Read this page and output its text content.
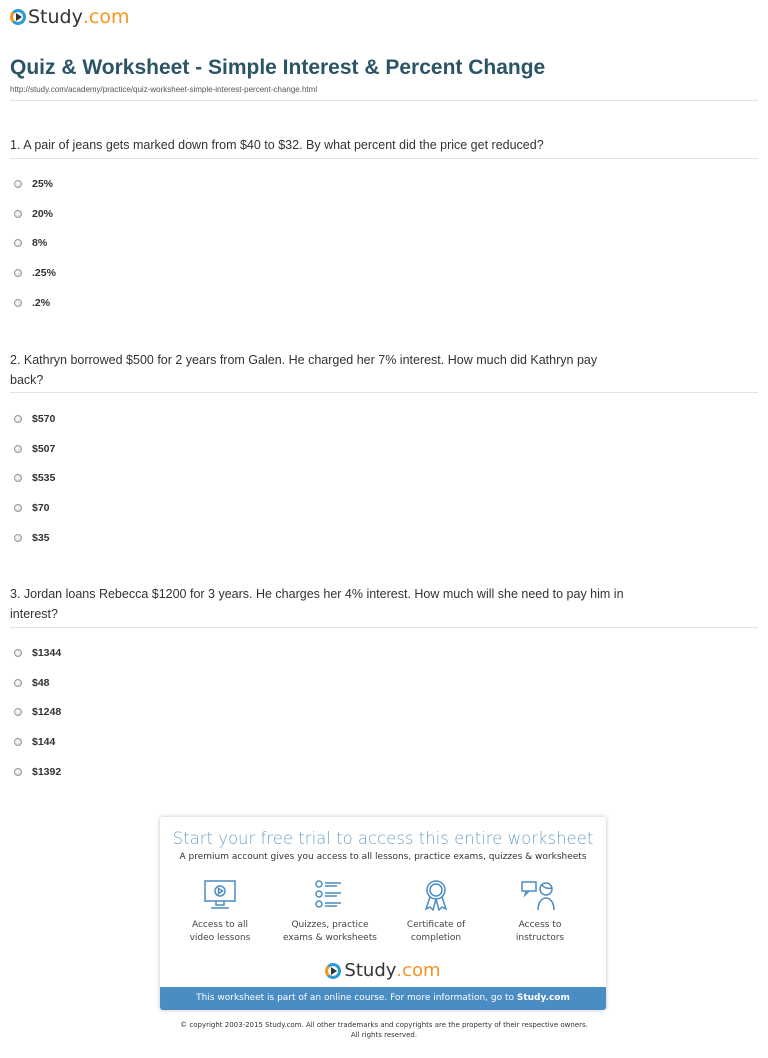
Study .com
Quiz & Worksheet - Simple Interest & Percent Change
http://study.com/academy/practice/quiz-worksheet-simple-interest-percent-change.html
1. A pair of jeans gets marked down from $40 to $32. By what percent did the price get reduced?
25%
20%
8%
.25%
.2%
2. Kathryn borrowed $500 for 2 years from Galen. He charged her 7% interest. How much did Kathryn pay back?
$570
$507
$535
$70
$35
3. Jordan loans Rebecca $1200 for 3 years. He charges her 4% interest. How much will she need to pay him in interest?
$1344
$48
$1248
$144
$1392
Start your free trial to access this entire worksheet
A premium account gives you access to all lessons, practice exams, quizzes & worksheets
Access to all
video lessons
Quizzes, practice
exams & worksheets
Certificate of
completion
Access to
instructors
Study .com
This worksheet is part of an online course. For more information, go to Study.com
© copyright 2003-2015 Study.com. All other trademarks and copyrights are the property of their respective owners.
All rights reserved.
